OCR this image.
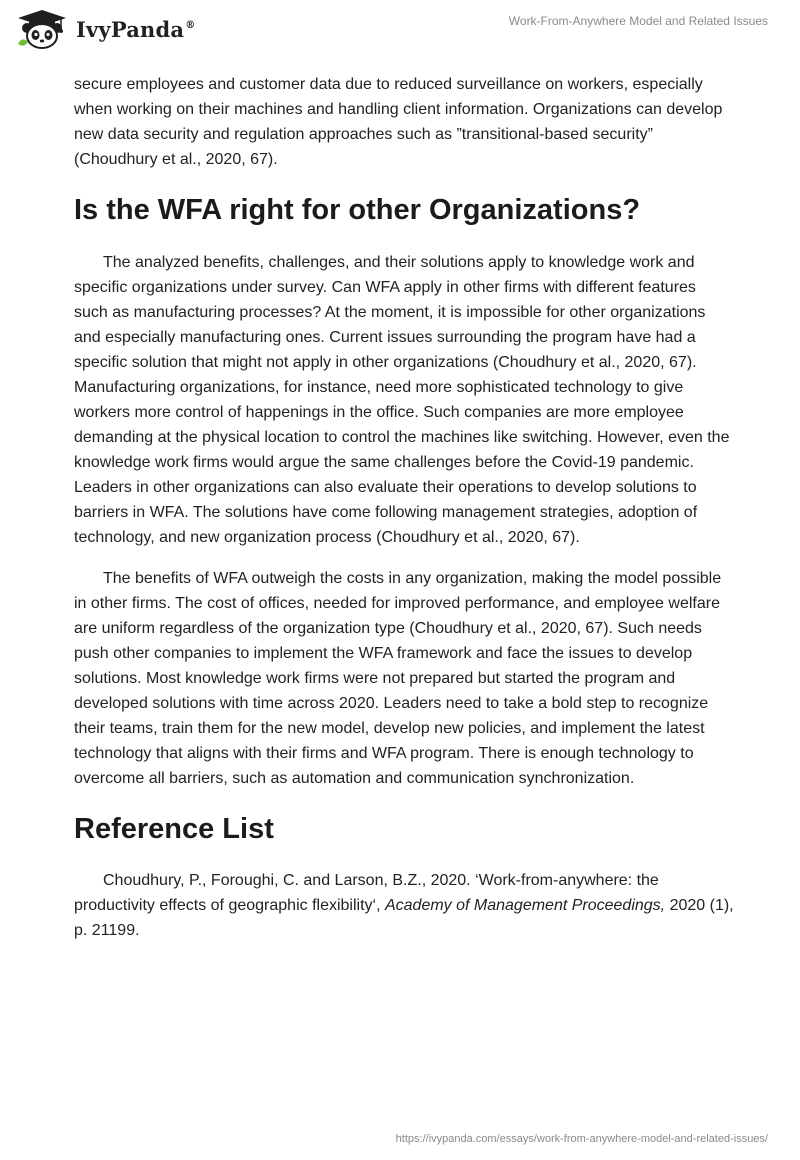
IvyPanda®	Work-From-Anywhere Model and Related Issues

secure employees and customer data due to reduced surveillance on workers, especially when working on their machines and handling client information. Organizations can develop new data security and regulation approaches such as ”transitional-based security” (Choudhury et al., 2020, 67).

Is the WFA right for other Organizations?

The analyzed benefits, challenges, and their solutions apply to knowledge work and specific organizations under survey. Can WFA apply in other firms with different features such as manufacturing processes? At the moment, it is impossible for other organizations and especially manufacturing ones. Current issues surrounding the program have had a specific solution that might not apply in other organizations (Choudhury et al., 2020, 67). Manufacturing organizations, for instance, need more sophisticated technology to give workers more control of happenings in the office. Such companies are more employee demanding at the physical location to control the machines like switching. However, even the knowledge work firms would argue the same challenges before the Covid-19 pandemic. Leaders in other organizations can also evaluate their operations to develop solutions to barriers in WFA. The solutions have come following management strategies, adoption of technology, and new organization process (Choudhury et al., 2020, 67).

The benefits of WFA outweigh the costs in any organization, making the model possible in other firms. The cost of offices, needed for improved performance, and employee welfare are uniform regardless of the organization type (Choudhury et al., 2020, 67). Such needs push other companies to implement the WFA framework and face the issues to develop solutions. Most knowledge work firms were not prepared but started the program and developed solutions with time across 2020. Leaders need to take a bold step to recognize their teams, train them for the new model, develop new policies, and implement the latest technology that aligns with their firms and WFA program. There is enough technology to overcome all barriers, such as automation and communication synchronization.

Reference List

Choudhury, P., Foroughi, C. and Larson, B.Z., 2020. ‘Work-from-anywhere: the productivity effects of geographic flexibility‘, Academy of Management Proceedings, 2020 (1), p. 21199.

https://ivypanda.com/essays/work-from-anywhere-model-and-related-issues/
